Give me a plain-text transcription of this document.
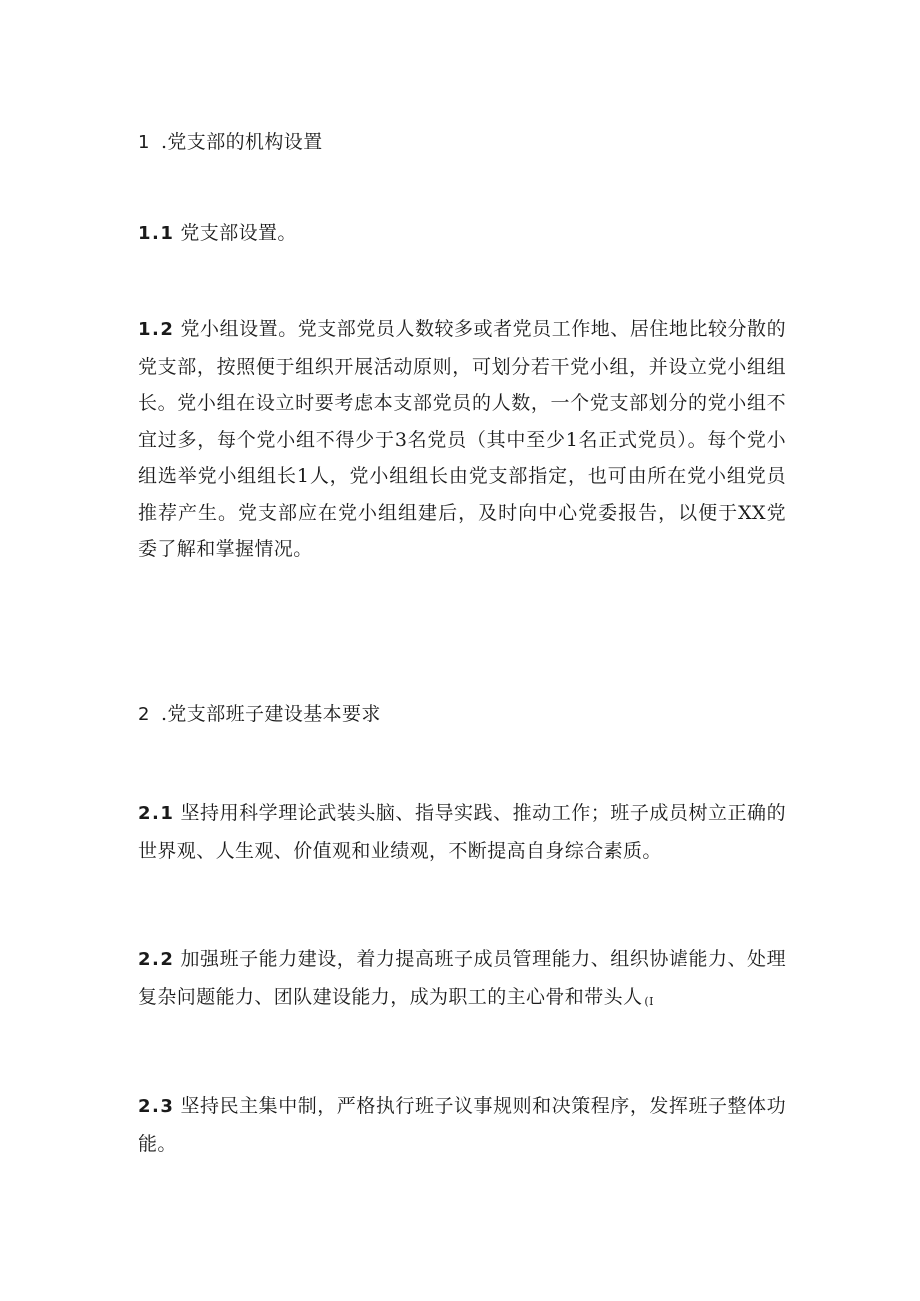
1 .党支部的机构设置

1.1 党支部设置。

1.2 党小组设置。党支部党员人数较多或者党员工作地、居住地比较分散的党支部，按照便于组织开展活动原则，可划分若干党小组，并设立党小组组长。党小组在设立时要考虑本支部党员的人数，一个党支部划分的党小组不宜过多，每个党小组不得少于3名党员（其中至少1名正式党员）。每个党小组选举党小组组长1人，党小组组长由党支部指定，也可由所在党小组党员推荐产生。党支部应在党小组组建后，及时向中心党委报告，以便于XX党委了解和掌握情况。

2 .党支部班子建设基本要求

2.1 坚持用科学理论武装头脑、指导实践、推动工作；班子成员树立正确的世界观、人生观、价值观和业绩观，不断提高自身综合素质。

2.2 加强班子能力建设，着力提高班子成员管理能力、组织协谑能力、处理复杂问题能力、团队建设能力，成为职工的主心骨和带头人 (I

2.3 坚持民主集中制，严格执行班子议事规则和决策程序，发挥班子整体功能。
